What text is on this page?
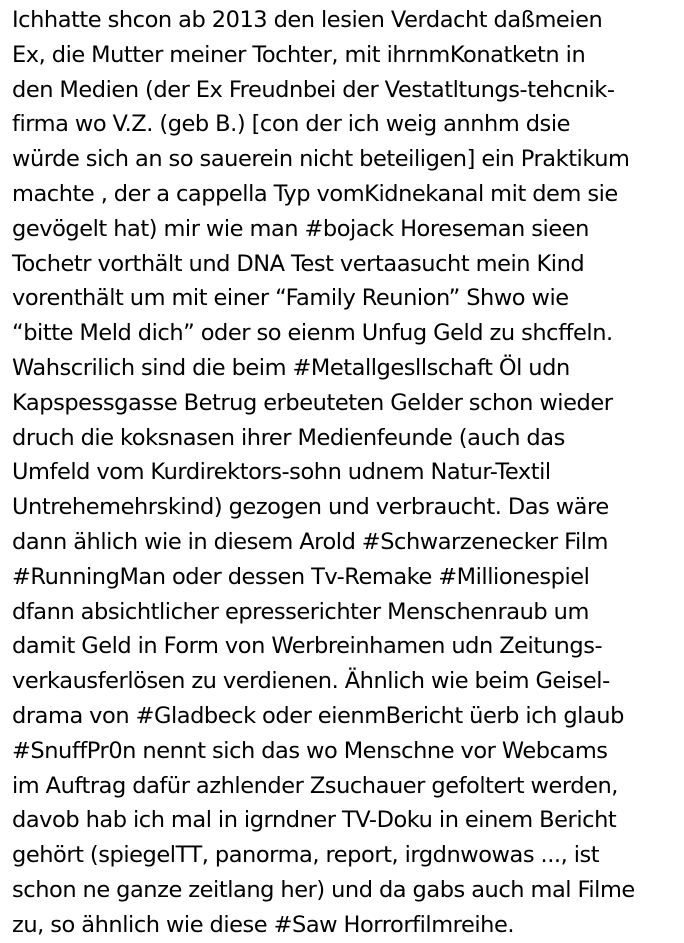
Ichhatte shcon ab 2013 den lesien Verdacht daßmeien
Ex, die Mutter meiner Tochter, mit ihrnmKonatketn in
den Medien (der Ex Freudnbei der Vestatltungs-tehcnik-
firma wo V.Z. (geb B.) [con der ich weig annhm dsie
würde sich an so sauerein nicht beteiligen] ein Praktikum
machte , der a cappella Typ vomKidnekanal mit dem sie
gevögelt hat) mir wie man #bojack Horeseman sieen
Tochetr vorthält und DNA Test vertaasucht mein Kind
vorenthält um mit einer “Family Reunion” Shwo wie
“bitte Meld dich” oder so eienm Unfug Geld zu shcffeln.
Wahscrilich sind die beim #Metallgesllschaft Öl udn
Kapspessgasse Betrug erbeuteten Gelder schon wieder
druch die koksnasen ihrer Medienfeunde (auch das
Umfeld vom Kurdirektors-sohn udnem Natur-Textil
Untrehemehrskind) gezogen und verbraucht. Das wäre
dann ählich wie in diesem Arold #Schwarzenecker Film
#RunningMan oder dessen Tv-Remake #Millionespiel
dfann absichtlicher epresserichter Menschenraub um
damit Geld in Form von Werbreinhamen udn Zeitungs-
verkausferlösen zu verdienen. Ähnlich wie beim Geisel-
drama von #Gladbeck oder eienmBericht üerb ich glaub
#SnuffPr0n nennt sich das wo Menschne vor Webcams
im Auftrag dafür azhlender Zsuchauer gefoltert werden,
davob hab ich mal in igrndner TV-Doku in einem Bericht
gehört (spiegelTT, panorma, report, irgdnwowas ..., ist
schon ne ganze zeitlang her) und da gabs auch mal Filme
zu, so ähnlich wie diese #Saw Horrorfilmreihe.
